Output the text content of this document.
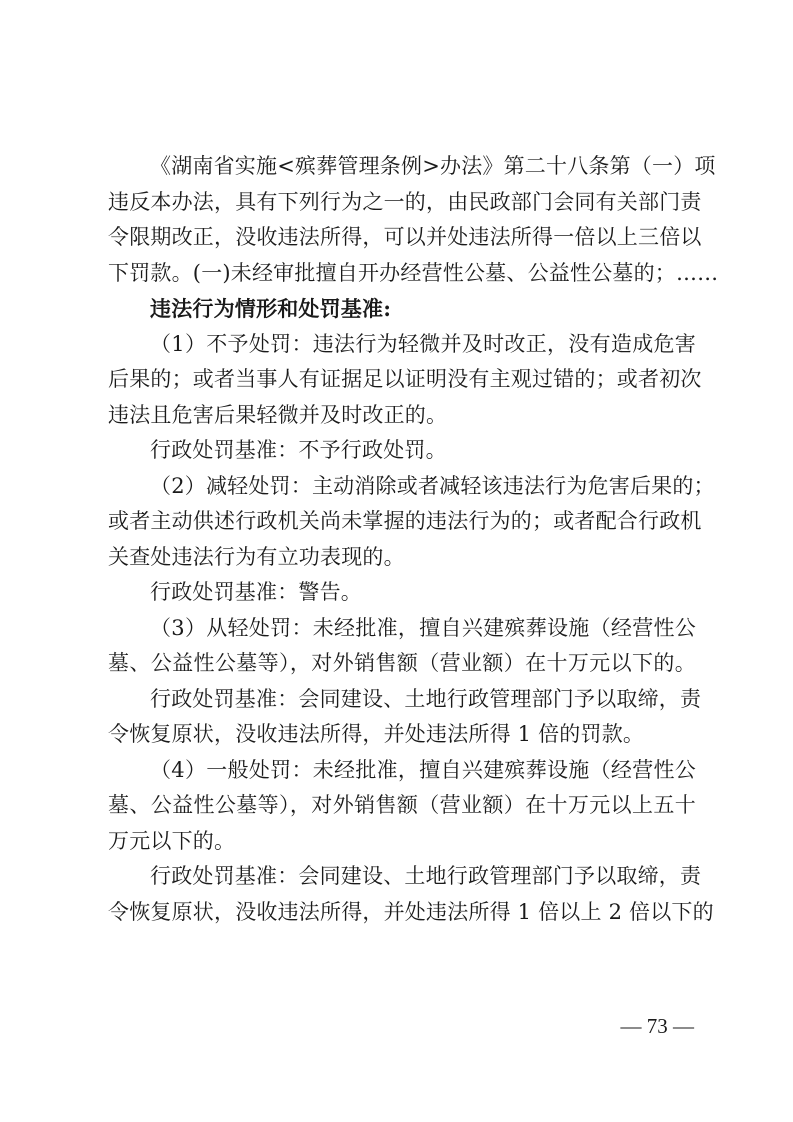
《湖南省实施<殡葬管理条例>办法》第二十八条第（一）项
违反本办法，具有下列行为之一的，由民政部门会同有关部门责
令限期改正，没收违法所得，可以并处违法所得一倍以上三倍以
下罚款。(一)未经审批擅自开办经营性公墓、公益性公墓的；……
违法行为情形和处罚基准:
（1）不予处罚：违法行为轻微并及时改正，没有造成危害
后果的；或者当事人有证据足以证明没有主观过错的；或者初次
违法且危害后果轻微并及时改正的。
行政处罚基准：不予行政处罚。
（2）减轻处罚：主动消除或者减轻该违法行为危害后果的；
或者主动供述行政机关尚未掌握的违法行为的；或者配合行政机
关查处违法行为有立功表现的。
行政处罚基准：警告。
（3）从轻处罚：未经批准，擅自兴建殡葬设施（经营性公
墓、公益性公墓等），对外销售额（营业额）在十万元以下的。
行政处罚基准：会同建设、土地行政管理部门予以取缔，责
令恢复原状，没收违法所得，并处违法所得 1 倍的罚款。
（4）一般处罚：未经批准，擅自兴建殡葬设施（经营性公
墓、公益性公墓等），对外销售额（营业额）在十万元以上五十
万元以下的。
行政处罚基准：会同建设、土地行政管理部门予以取缔，责
令恢复原状，没收违法所得，并处违法所得 1 倍以上 2 倍以下的
— 73 —
